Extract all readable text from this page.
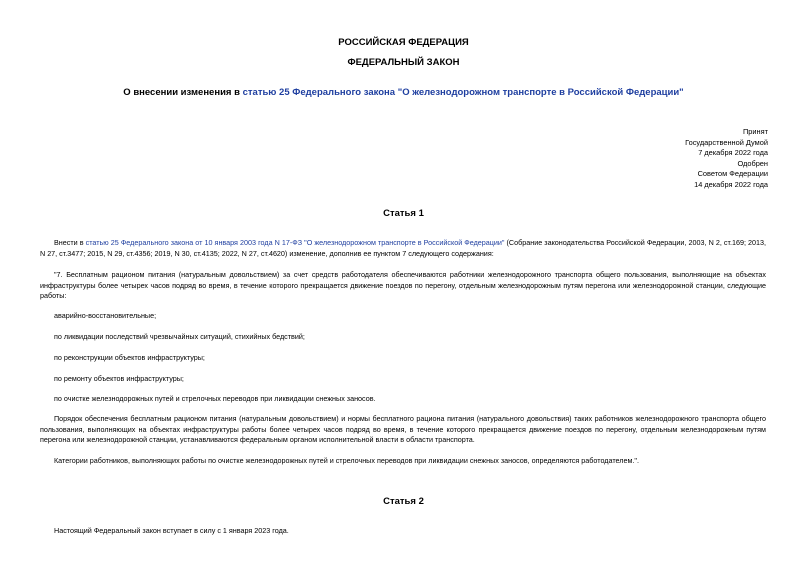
РОССИЙСКАЯ ФЕДЕРАЦИЯ
ФЕДЕРАЛЬНЫЙ ЗАКОН
О внесении изменения в статью 25 Федерального закона "О железнодорожном транспорте в Российской Федерации"
Принят
Государственной Думой
7 декабря 2022 года
Одобрен
Советом Федерации
14 декабря 2022 года
Статья 1
Внести в статью 25 Федерального закона от 10 января 2003 года N 17-ФЗ "О железнодорожном транспорте в Российской Федерации" (Собрание законодательства Российской Федерации, 2003, N 2, ст.169; 2013, N 27, ст.3477; 2015, N 29, ст.4356; 2019, N 30, ст.4135; 2022, N 27, ст.4620) изменение, дополнив ее пунктом 7 следующего содержания:
"7. Бесплатным рационом питания (натуральным довольствием) за счет средств работодателя обеспечиваются работники железнодорожного транспорта общего пользования, выполняющие на объектах инфраструктуры более четырех часов подряд во время, в течение которого прекращается движение поездов по перегону, отдельным железнодорожным путям перегона или железнодорожной станции, следующие работы:
аварийно-восстановительные;
по ликвидации последствий чрезвычайных ситуаций, стихийных бедствий;
по реконструкции объектов инфраструктуры;
по ремонту объектов инфраструктуры;
по очистке железнодорожных путей и стрелочных переводов при ликвидации снежных заносов.
Порядок обеспечения бесплатным рационом питания (натуральным довольствием) и нормы бесплатного рациона питания (натурального довольствия) таких работников железнодорожного транспорта общего пользования, выполняющих на объектах инфраструктуры работы более четырех часов подряд во время, в течение которого прекращается движение поездов по перегону, отдельным железнодорожным путям перегона или железнодорожной станции, устанавливаются федеральным органом исполнительной власти в области транспорта.
Категории работников, выполняющих работы по очистке железнодорожных путей и стрелочных переводов при ликвидации снежных заносов, определяются работодателем.".
Статья 2
Настоящий Федеральный закон вступает в силу с 1 января 2023 года.
